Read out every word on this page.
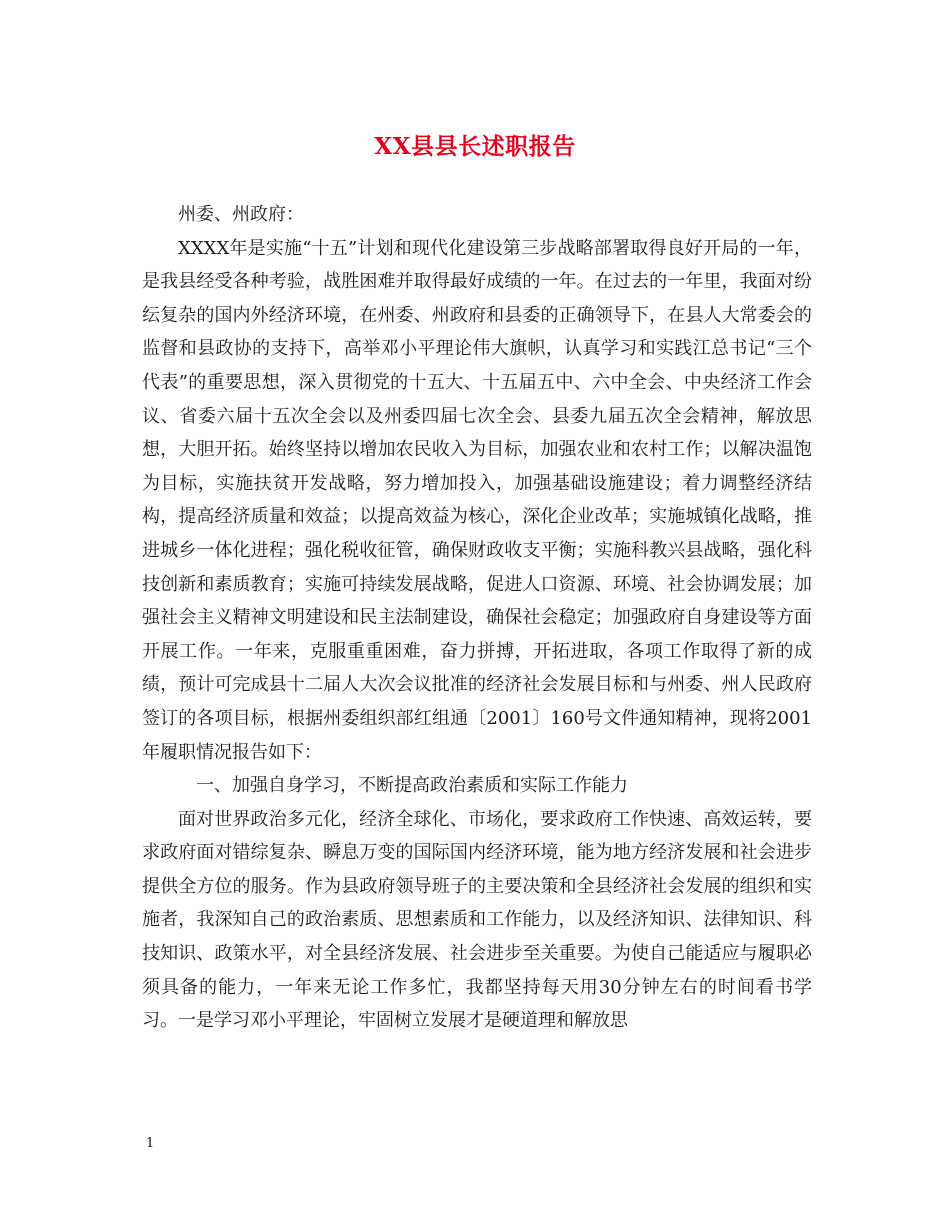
XX县县长述职报告

州委、州政府：

XXXX年是实施“十五”计划和现代化建设第三步战略部署取得良好开局的一年，是我县经受各种考验，战胜困难并取得最好成绩的一年。在过去的一年里，我面对纷纭复杂的国内外经济环境，在州委、州政府和县委的正确领导下，在县人大常委会的监督和县政协的支持下，高举邓小平理论伟大旗帜，认真学习和实践江总书记“三个代表”的重要思想，深入贯彻党的十五大、十五届五中、六中全会、中央经济工作会议、省委六届十五次全会以及州委四届七次全会、县委九届五次全会精神，解放思想，大胆开拓。始终坚持以增加农民收入为目标，加强农业和农村工作；以解决温饱为目标，实施扶贫开发战略，努力增加投入，加强基础设施建设；着力调整经济结构，提高经济质量和效益；以提高效益为核心，深化企业改革；实施城镇化战略，推进城乡一体化进程；强化税收征管，确保财政收支平衡；实施科教兴县战略，强化科技创新和素质教育；实施可持续发展战略，促进人口资源、环境、社会协调发展；加强社会主义精神文明建设和民主法制建设，确保社会稳定；加强政府自身建设等方面开展工作。一年来，克服重重困难，奋力拼搏，开拓进取，各项工作取得了新的成绩，预计可完成县十二届人大次会议批准的经济社会发展目标和与州委、州人民政府签订的各项目标，根据州委组织部红组通〔2001〕160号文件通知精神，现将2001年履职情况报告如下：

一、加强自身学习，不断提高政治素质和实际工作能力

面对世界政治多元化，经济全球化、市场化，要求政府工作快速、高效运转，要求政府面对错综复杂、瞬息万变的国际国内经济环境，能为地方经济发展和社会进步提供全方位的服务。作为县政府领导班子的主要决策和全县经济社会发展的组织和实施者，我深知自己的政治素质、思想素质和工作能力，以及经济知识、法律知识、科技知识、政策水平，对全县经济发展、社会进步至关重要。为使自己能适应与履职必须具备的能力，一年来无论工作多忙，我都坚持每天用30分钟左右的时间看书学习。一是学习邓小平理论，牢固树立发展才是硬道理和解放思

1
